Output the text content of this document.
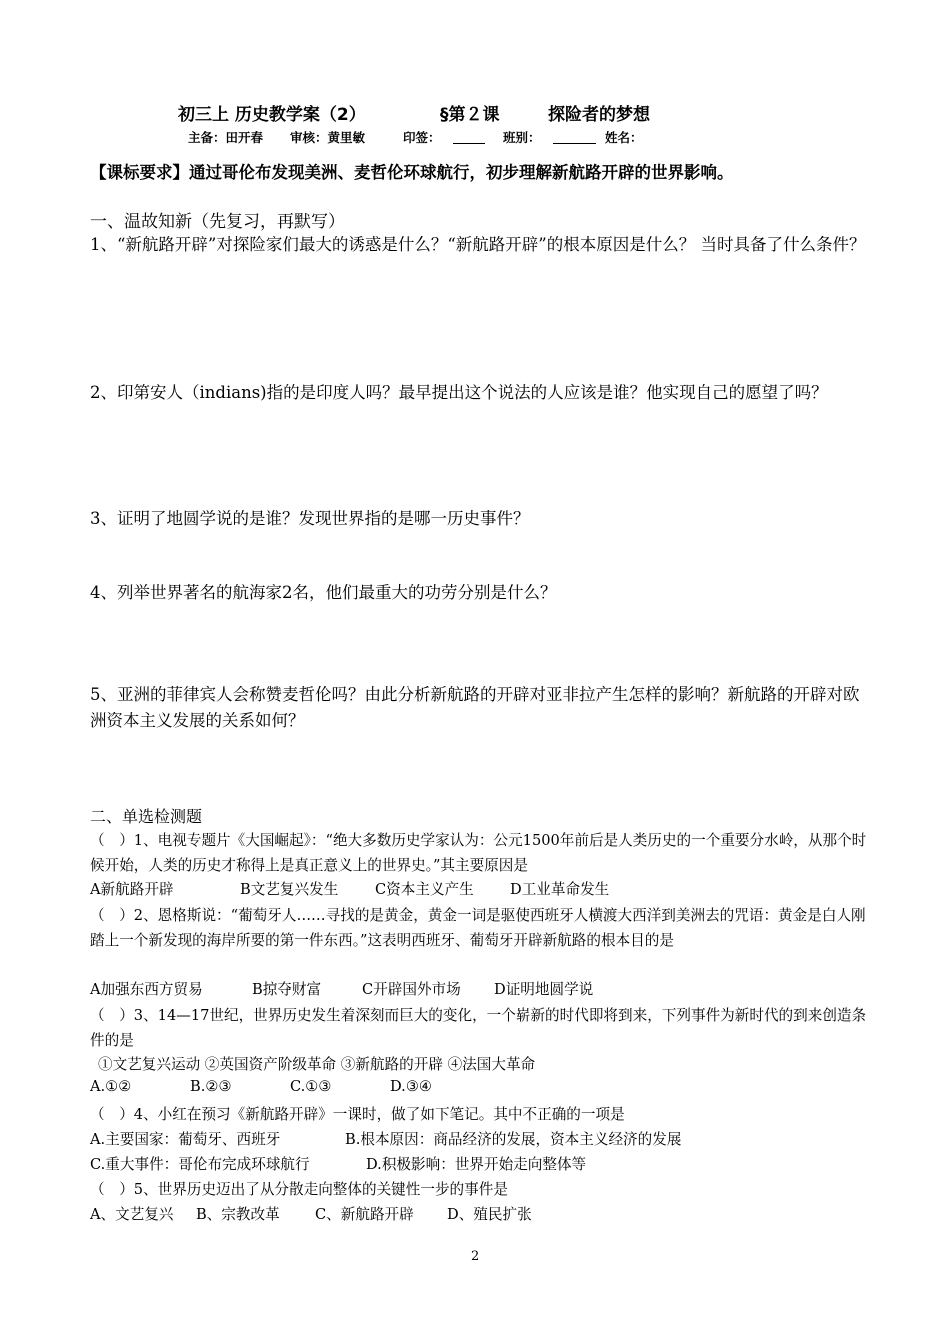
初三上 历史教学案（2）	§第２课	探险者的梦想
主备：田开春 审核：黄里敏	印签：	班别：	姓名：
【课标要求】通过哥伦布发现美洲、麦哲伦环球航行，初步理解新航路开辟的世界影响。
一、温故知新（先复习，再默写）
1、“新航路开辟”对探险家们最大的诱惑是什么？“新航路开辟”的根本原因是什么？ 当时具备了什么条件？
2、印第安人（indians)指的是印度人吗？最早提出这个说法的人应该是谁？他实现自己的愿望了吗？
3、证明了地圆学说的是谁？发现世界指的是哪一历史事件？
4、列举世界著名的航海家2名，他们最重大的功劳分别是什么？
5、亚洲的菲律宾人会称赞麦哲伦吗？由此分析新航路的开辟对亚非拉产生怎样的影响？新航路的开辟对欧洲资本主义发展的关系如何？
二、单选检测题
（　）1、电视专题片《大国崛起》：“绝大多数历史学家认为：公元1500年前后是人类历史的一个重要分水岭，从那个时候开始，人类的历史才称得上是真正意义上的世界史。”其主要原因是
A新航路开辟	B文艺复兴发生	C资本主义产生 D工业革命发生
（　）2、恩格斯说：“葡萄牙人……寻找的是黄金，黄金一词是驱使西班牙人横渡大西洋到美洲去的咒语：黄金是白人刚踏上一个新发现的海岸所要的第一件东西。”这表明西班牙、葡萄牙开辟新航路的根本目的是
A加强东西方贸易	B掠夺财富	C开辟国外市场 D证明地圆学说
（　）3、14—17世纪，世界历史发生着深刻而巨大的变化，一个崭新的时代即将到来，下列事件为新时代的到来创造条件的是
①文艺复兴运动 ②英国资产阶级革命 ③新航路的开辟 ④法国大革命
A.①②	B.②③	C.①③	D.③④
（　）4、小红在预习《新航路开辟》一课时，做了如下笔记。其中不正确的一项是
A.主要国家：葡萄牙、西班牙	B.根本原因：商品经济的发展，资本主义经济的发展
C.重大事件：哥伦布完成环球航行	D.积极影响：世界开始走向整体等
（　）5、世界历史迈出了从分散走向整体的关键性一步的事件是
A、文艺复兴 B、宗教改革 C、新航路开辟 D、殖民扩张
2
